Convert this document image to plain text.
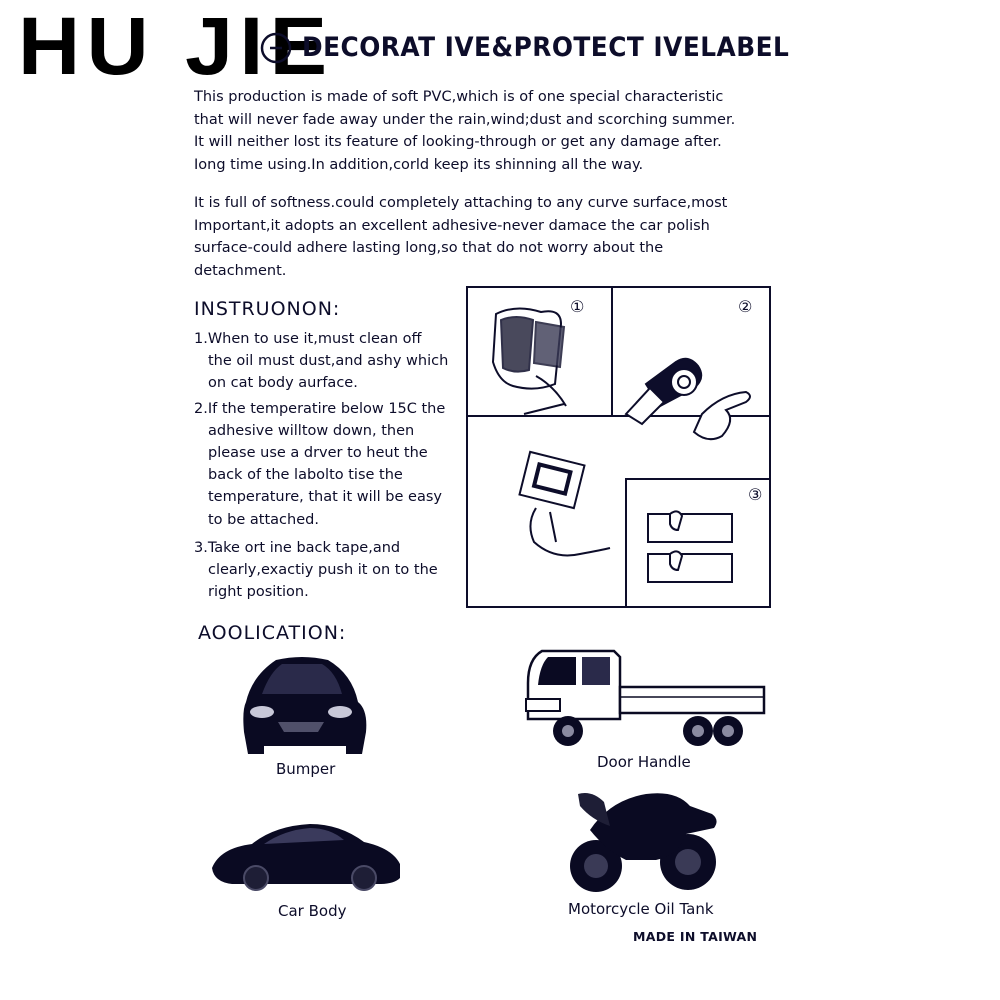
HU JIE
DECORAT IVE&PROTECT IVELABEL
This production is made of soft PVC,which is of one special characteristic
that will never fade away under the rain,wind;dust and scorching summer.
It will neither lost its feature of looking-through or get any damage after.
Iong time using.In addition,corld keep its shinning all the way.
It is full of softness.could completely attaching to any curve surface,most
Important,it adopts an excellent adhesive-never damace the car polish
surface-could adhere lasting long,so that do not worry about the
detachment.
INSTRUONON:
1.When to use it,must clean off
the oil must dust,and ashy which
on cat body aurface.
2.If the temperatire below 15C the
adhesive willtow down, then
please use a drver to heut the
back of the labolto tise the
temperature, that it will be easy
to be attached.
3.Take ort ine back tape,and
clearly,exactiy push it on to the
right position.
①	②
③
AOOLICATION:
Bumper	Door Handle
Car Body	Motorcycle Oil Tank
MADE IN TAIWAN
